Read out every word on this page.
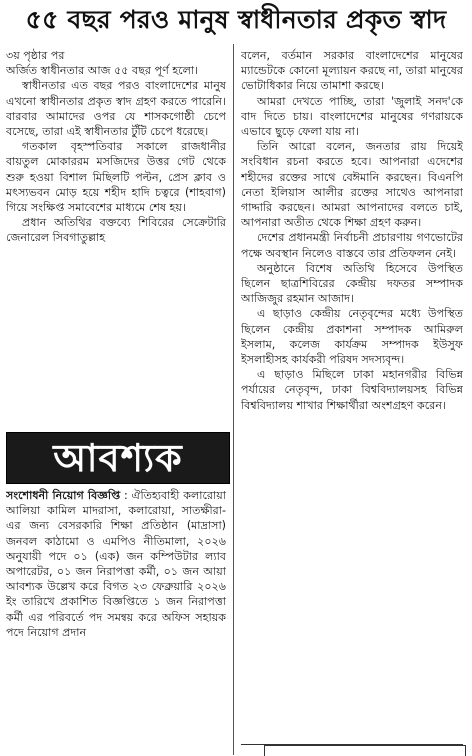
৫৫ বছর পরও মানুষ স্বাধীনতার প্রকৃত স্বাদ

৩য় পৃষ্ঠার পর

অর্জিত স্বাধীনতার আজ ৫৫ বছর পূর্ণ হলো।

স্বাধীনতার এত বছর পরও বাংলাদেশের মানুষ এখনো স্বাধীনতার প্রকৃত স্বাদ গ্রহণ করতে পারেনি। বারবার আমাদের ওপর যে শাসকগোষ্ঠী চেপে বসেছে, তারা এই স্বাধীনতার টুঁটি চেপে ধরেছে।

গতকাল বৃহস্পতিবার সকালে রাজধানীর বায়তুল মোকাররম মসজিদের উত্তর গেট থেকে শুরু হওয়া বিশাল মিছিলটি পল্টন, প্রেস ক্লাব ও মৎস্যভবন মোড় হয়ে শহীদ হাদি চত্বরে (শাহবাগ) গিয়ে সংক্ষিপ্ত সমাবেশের মাধ্যমে শেষ হয়।

প্রধান অতিথির বক্তব্যে শিবিরের সেক্রেটারি জেনারেল সিবগাতুল্লাহ

আবশ্যক
সংশোধনী নিয়োগ বিজ্ঞপ্তি : ঐতিহ্যবাহী কলারোয়া আলিয়া কামিল মাদরাসা, কলারোয়া, সাতক্ষীরা-এর জন্য বেসরকারি শিক্ষা প্রতিষ্ঠান (মাদ্রাসা) জনবল কাঠামো ও এমপিও নীতিমালা, ২০২৬ অনুযায়ী পদে ০১ (এক) জন কম্পিউটার ল্যাব অপারেটর, ০১ জন নিরাপত্তা কর্মী, ০১ জন আয়া আবশ্যক উল্লেখ করে বিগত ২৩ ফেব্রুয়ারি ২০২৬ ইং তারিখে প্রকাশিত বিজ্ঞপ্তিতে ১ জন নিরাপত্তা কর্মী এর পরিবর্তে পদ সমন্বয় করে অফিস সহায়ক পদে নিয়োগ প্রদান

বলেন, বর্তমান সরকার বাংলাদেশের মানুষের ম্যান্ডেটকে কোনো মূল্যায়ন করছে না, তারা মানুষের ভোটাধিকার নিয়ে তামাশা করছে।

আমরা দেখতে পাচ্ছি, তারা 'জুলাই সনদ'কে বাদ দিতে চায়। বাংলাদেশের মানুষের গণরায়কে এভাবে ছুড়ে ফেলা যায় না।

তিনি আরো বলেন, জনতার রায় দিয়েই সংবিধান রচনা করতে হবে। আপনারা এদেশের শহীদের রক্তের সাথে বেঈমানি করছেন। বিএনপি নেতা ইলিয়াস আলীর রক্তের সাথেও আপনারা গাদ্দারি করছেন। আমরা আপনাদের বলতে চাই, আপনারা অতীত থেকে শিক্ষা গ্রহণ করুন।

দেশের প্রধানমন্ত্রী নির্বাচনী প্রচারণায় গণভোটের পক্ষে অবস্থান নিলেও বাস্তবে তার প্রতিফলন নেই।

অনুষ্ঠানে বিশেষ অতিথি হিসেবে উপস্থিত ছিলেন ছাত্রশিবিরের কেন্দ্রীয় দফতর সম্পাদক আজিজুর রহমান আজাদ।

এ ছাড়াও কেন্দ্রীয় নেতৃবৃন্দের মধ্যে উপস্থিত ছিলেন কেন্দ্রীয় প্রকাশনা সম্পাদক আমিরুল ইসলাম, কলেজ কার্যক্রম সম্পাদক ইউসুফ ইসলাহীসহ কার্যকরী পরিষদ সদস্যবৃন্দ।

এ ছাড়াও মিছিলে ঢাকা মহানগরীর বিভিন্ন পর্যায়ের নেতৃবৃন্দ, ঢাকা বিশ্ববিদ্যালয়সহ বিভিন্ন বিশ্ববিদ্যালয় শাখার শিক্ষার্থীরা অংশগ্রহণ করেন।
